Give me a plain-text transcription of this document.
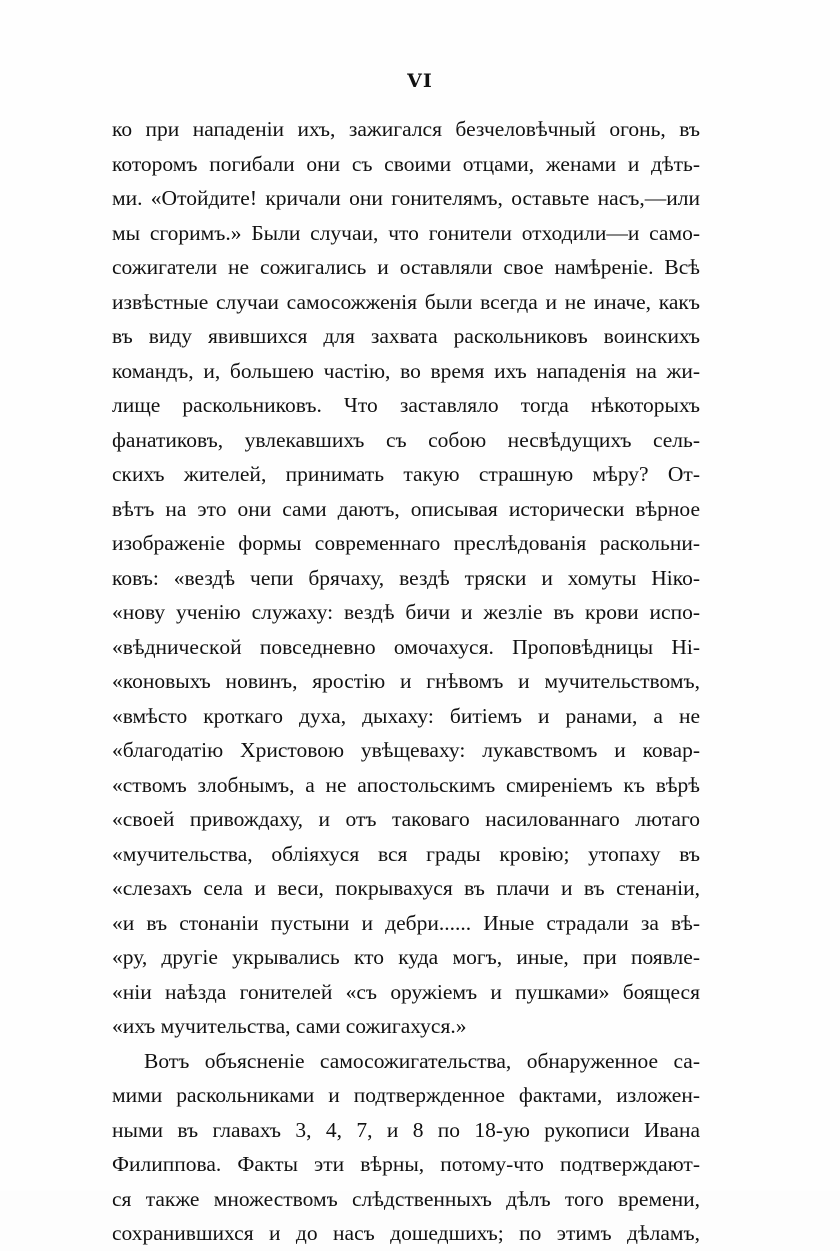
VI
ко при нападеніи ихъ, зажигался безчеловѣчный огонь, въ
которомъ погибали они съ своими отцами, женами и дѣть-
ми. «Отойдите! кричали они гонителямъ, оставьте насъ,—или
мы сгоримъ.» Были случаи, что гонители отходили—и само-
сожигатели не сожигались и оставляли свое намѣреніе. Всѣ
извѣстные случаи самосожженія были всегда и не иначе, какъ
въ виду явившихся для захвата раскольниковъ воинскихъ
командъ, и, большею частію, во время ихъ нападенія на жи-
лище раскольниковъ. Что заставляло тогда нѣкоторыхъ
фанатиковъ, увлекавшихъ съ собою несвѣдущихъ сель-
скихъ жителей, принимать такую страшную мѣру? От-
вѣтъ на это они сами даютъ, описывая исторически вѣрное
изображеніе формы современнаго преслѣдованія раскольни-
ковъ: «вездѣ чепи брячаху, вездѣ тряски и хомуты Ніко-
«нову ученію служаху: вездѣ бичи и жезліе въ крови испо-
«вѣдническoй повседневно омочахуся. Проповѣдницы Ні-
«коновыхъ новинъ, яростію и гнѣвомъ и мучительствомъ,
«вмѣсто кроткаго духа, дыхаху: битіемъ и ранами, а не
«благодатію Христовою увѣщеваху: лукавствомъ и ковар-
«ствомъ злобнымъ, а не апостольскимъ смиреніемъ къ вѣрѣ
«своей привождаху, и отъ таковаго насилованнаго лютаго
«мучительства, обліяхуся вся грады кровію; утопаху въ
«слезахъ села и веси, покрывахуся въ плачи и въ стенаніи,
«и въ стонаніи пустыни и дебри...... Иные страдали за вѣ-
«ру, другіе укрывались кто куда могъ, иные, при появле-
«ніи наѣзда гонителей «съ оружіемъ и пушками» боящеся
«ихъ мучительства, сами сожигахуся.»
Вотъ объясненіе самосожигательства, обнаруженное са-
мими раскольниками и подтвержденное фактами, изложен-
ными въ главахъ 3, 4, 7, и 8 по 18-ую рукописи Ивана
Филиппова. Факты эти вѣрны, потому-что подтверждают-
ся также множествомъ слѣдственныхъ дѣлъ того времени,
сохранившихся и до насъ дошедшихъ; по этимъ дѣламъ,
